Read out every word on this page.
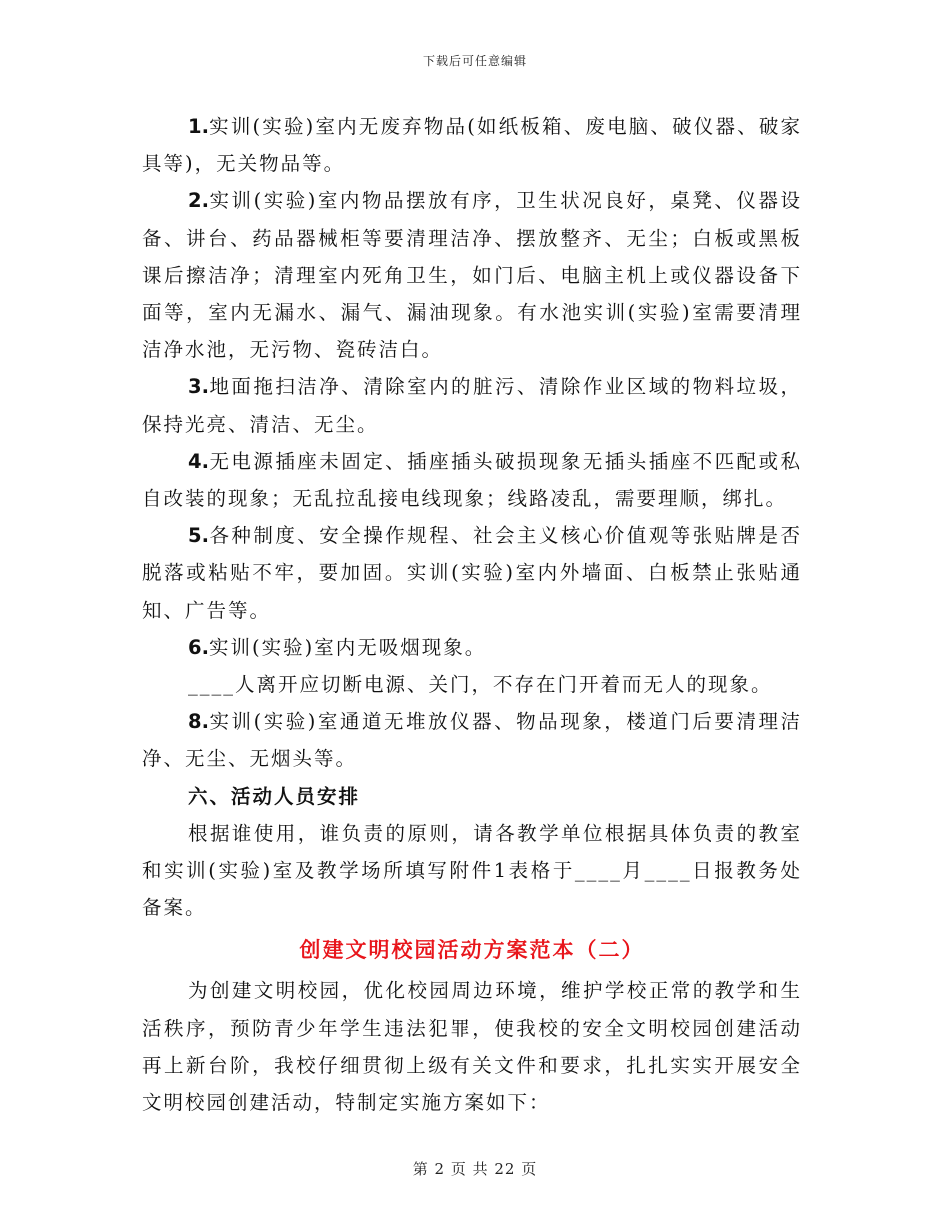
下载后可任意编辑

1.实训(实验)室内无废弃物品(如纸板箱、废电脑、破仪器、破家具等)，无关物品等。

2.实训(实验)室内物品摆放有序，卫生状况良好，桌凳、仪器设备、讲台、药品器械柜等要清理洁净、摆放整齐、无尘；白板或黑板课后擦洁净；清理室内死角卫生，如门后、电脑主机上或仪器设备下面等，室内无漏水、漏气、漏油现象。有水池实训(实验)室需要清理洁净水池，无污物、瓷砖洁白。

3.地面拖扫洁净、清除室内的脏污、清除作业区域的物料垃圾，保持光亮、清洁、无尘。

4.无电源插座未固定、插座插头破损现象无插头插座不匹配或私自改装的现象；无乱拉乱接电线现象；线路凌乱，需要理顺，绑扎。

5.各种制度、安全操作规程、社会主义核心价值观等张贴牌是否脱落或粘贴不牢，要加固。实训(实验)室内外墙面、白板禁止张贴通知、广告等。

6.实训(实验)室内无吸烟现象。

____人离开应切断电源、关门，不存在门开着而无人的现象。

8.实训(实验)室通道无堆放仪器、物品现象，楼道门后要清理洁净、无尘、无烟头等。

六、活动人员安排

根据谁使用，谁负责的原则，请各教学单位根据具体负责的教室和实训(实验)室及教学场所填写附件1表格于____月____日报教务处备案。

创建文明校园活动方案范本（二）

为创建文明校园，优化校园周边环境，维护学校正常的教学和生活秩序，预防青少年学生违法犯罪，使我校的安全文明校园创建活动再上新台阶，我校仔细贯彻上级有关文件和要求，扎扎实实开展安全文明校园创建活动，特制定实施方案如下：

第 2 页 共 22 页
